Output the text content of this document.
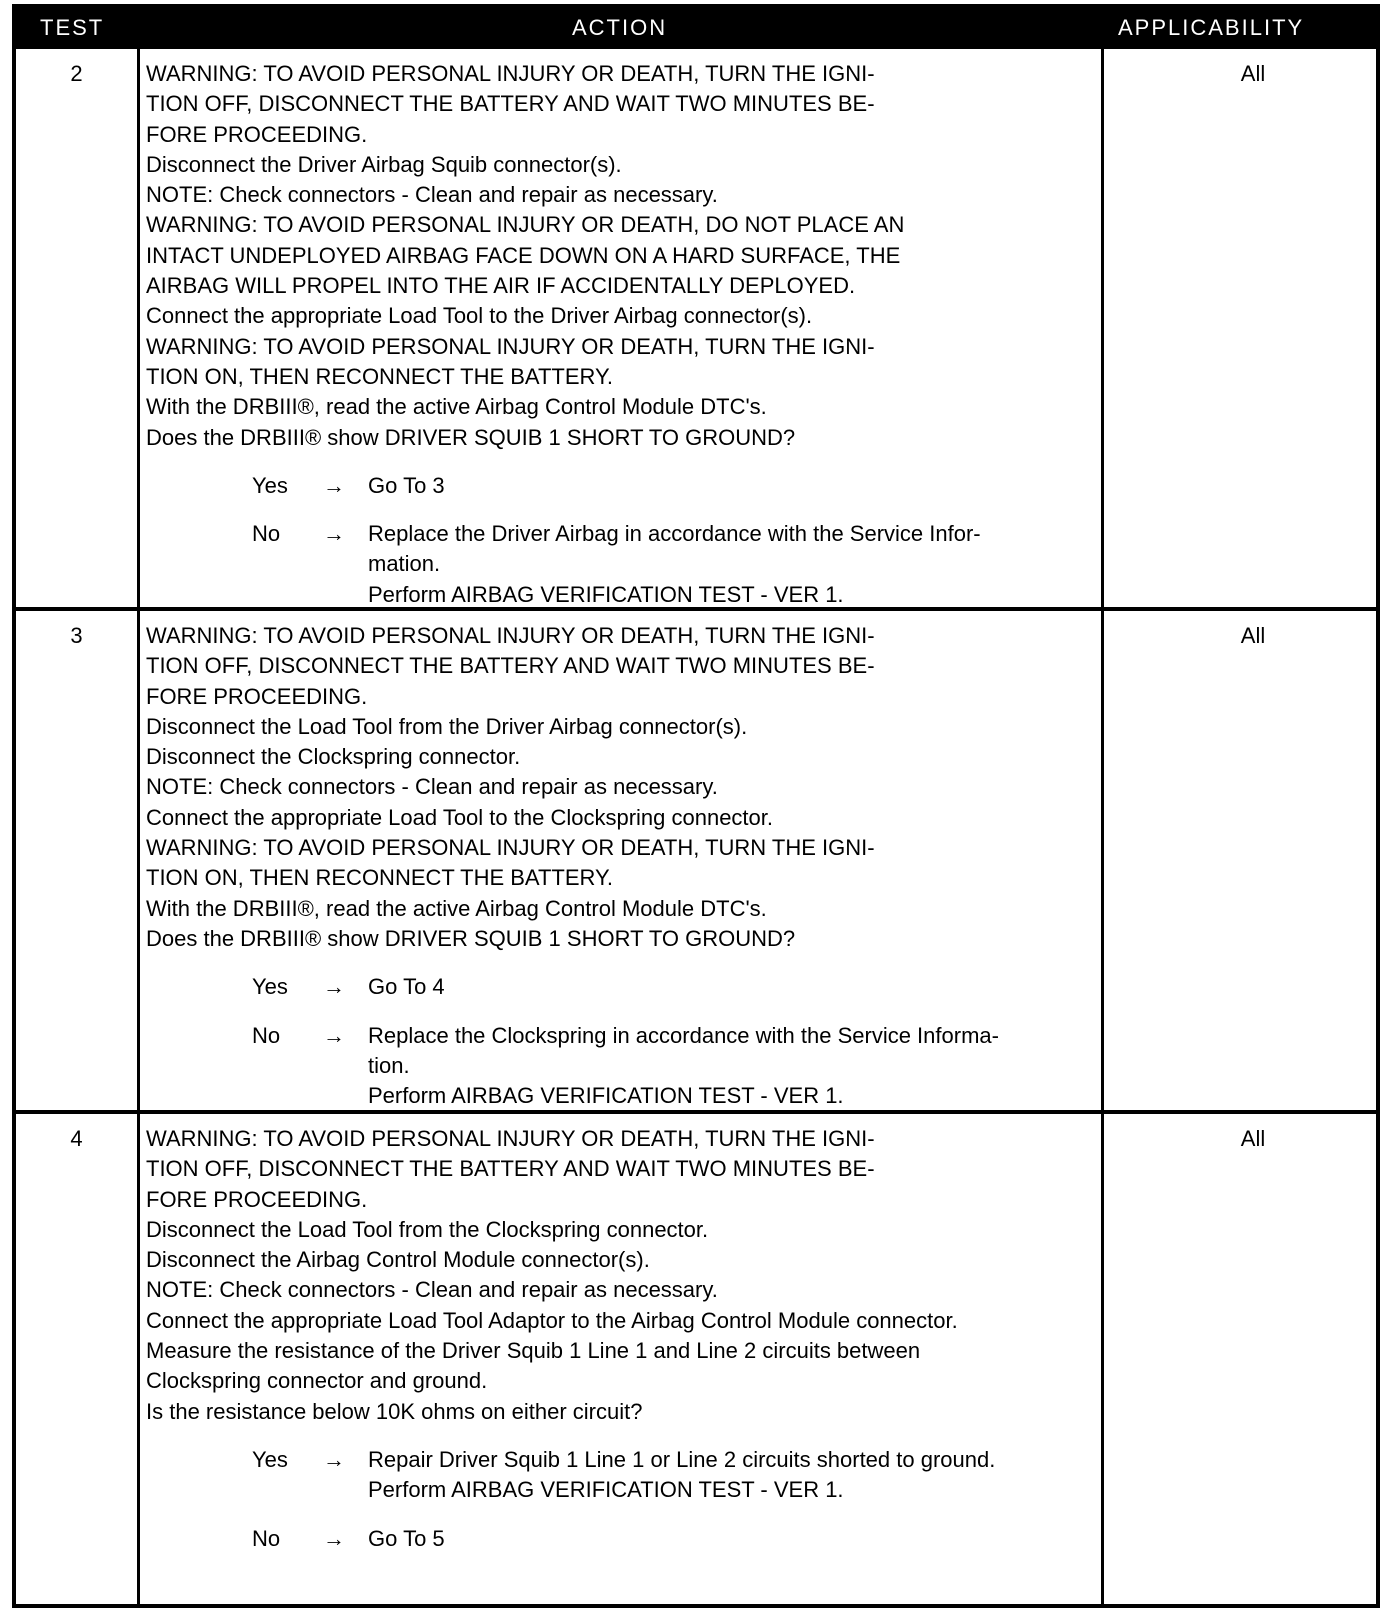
TEST	ACTION	APPLICABILITY
2	WARNING: TO AVOID PERSONAL INJURY OR DEATH, TURN THE IGNI-
TION OFF, DISCONNECT THE BATTERY AND WAIT TWO MINUTES BE-
FORE PROCEEDING.
Disconnect the Driver Airbag Squib connector(s).
NOTE: Check connectors - Clean and repair as necessary.
WARNING: TO AVOID PERSONAL INJURY OR DEATH, DO NOT PLACE AN
INTACT UNDEPLOYED AIRBAG FACE DOWN ON A HARD SURFACE, THE
AIRBAG WILL PROPEL INTO THE AIR IF ACCIDENTALLY DEPLOYED.
Connect the appropriate Load Tool to the Driver Airbag connector(s).
WARNING: TO AVOID PERSONAL INJURY OR DEATH, TURN THE IGNI-
TION ON, THEN RECONNECT THE BATTERY.
With the DRBIII®, read the active Airbag Control Module DTC's.
Does the DRBIII® show DRIVER SQUIB 1 SHORT TO GROUND?
Yes	→	Go To 3
No	→	Replace the Driver Airbag in accordance with the Service Infor-
mation.
Perform AIRBAG VERIFICATION TEST - VER 1.
All
3	WARNING: TO AVOID PERSONAL INJURY OR DEATH, TURN THE IGNI-
TION OFF, DISCONNECT THE BATTERY AND WAIT TWO MINUTES BE-
FORE PROCEEDING.
Disconnect the Load Tool from the Driver Airbag connector(s).
Disconnect the Clockspring connector.
NOTE: Check connectors - Clean and repair as necessary.
Connect the appropriate Load Tool to the Clockspring connector.
WARNING: TO AVOID PERSONAL INJURY OR DEATH, TURN THE IGNI-
TION ON, THEN RECONNECT THE BATTERY.
With the DRBIII®, read the active Airbag Control Module DTC's.
Does the DRBIII® show DRIVER SQUIB 1 SHORT TO GROUND?
Yes	→	Go To 4
No	→	Replace the Clockspring in accordance with the Service Informa-
tion.
Perform AIRBAG VERIFICATION TEST - VER 1.
All
4	WARNING: TO AVOID PERSONAL INJURY OR DEATH, TURN THE IGNI-
TION OFF, DISCONNECT THE BATTERY AND WAIT TWO MINUTES BE-
FORE PROCEEDING.
Disconnect the Load Tool from the Clockspring connector.
Disconnect the Airbag Control Module connector(s).
NOTE: Check connectors - Clean and repair as necessary.
Connect the appropriate Load Tool Adaptor to the Airbag Control Module connector.
Measure the resistance of the Driver Squib 1 Line 1 and Line 2 circuits between
Clockspring connector and ground.
Is the resistance below 10K ohms on either circuit?
Yes	→	Repair Driver Squib 1 Line 1 or Line 2 circuits shorted to ground.
Perform AIRBAG VERIFICATION TEST - VER 1.
No	→	Go To 5
All
